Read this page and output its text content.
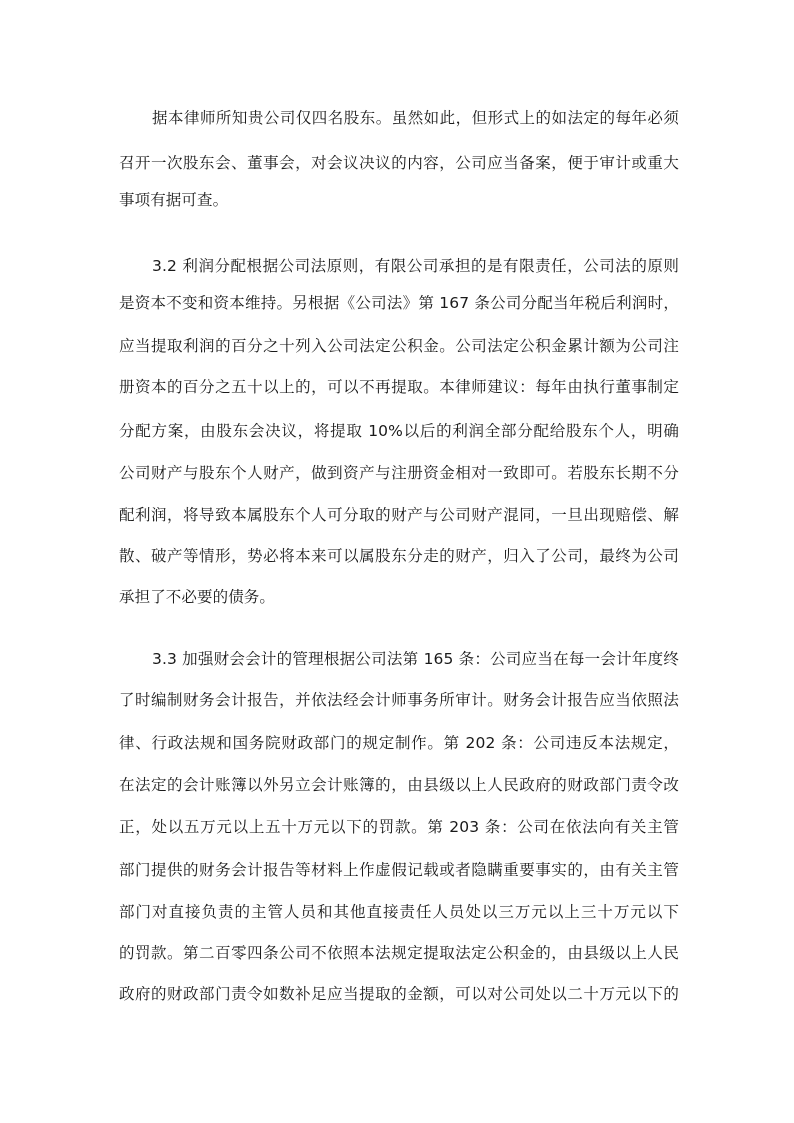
据本律师所知贵公司仅四名股东。虽然如此，但形式上的如法定的每年必须
召开一次股东会、董事会，对会议决议的内容，公司应当备案，便于审计或重大
事项有据可查。
3.2 利润分配根据公司法原则，有限公司承担的是有限责任，公司法的原则
是资本不变和资本维持。另根据《公司法》第 167 条公司分配当年税后利润时，
应当提取利润的百分之十列入公司法定公积金。公司法定公积金累计额为公司注
册资本的百分之五十以上的，可以不再提取。本律师建议：每年由执行董事制定
分配方案，由股东会决议，将提取 10%以后的利润全部分配给股东个人，明确
公司财产与股东个人财产，做到资产与注册资金相对一致即可。若股东长期不分
配利润，将导致本属股东个人可分取的财产与公司财产混同，一旦出现赔偿、解
散、破产等情形，势必将本来可以属股东分走的财产，归入了公司，最终为公司
承担了不必要的债务。
3.3 加强财会会计的管理根据公司法第 165 条：公司应当在每一会计年度终
了时编制财务会计报告，并依法经会计师事务所审计。财务会计报告应当依照法
律、行政法规和国务院财政部门的规定制作。第 202 条：公司违反本法规定，
在法定的会计账簿以外另立会计账簿的，由县级以上人民政府的财政部门责令改
正，处以五万元以上五十万元以下的罚款。第 203 条：公司在依法向有关主管
部门提供的财务会计报告等材料上作虚假记载或者隐瞒重要事实的，由有关主管
部门对直接负责的主管人员和其他直接责任人员处以三万元以上三十万元以下
的罚款。第二百零四条公司不依照本法规定提取法定公积金的，由县级以上人民
政府的财政部门责令如数补足应当提取的金额，可以对公司处以二十万元以下的
